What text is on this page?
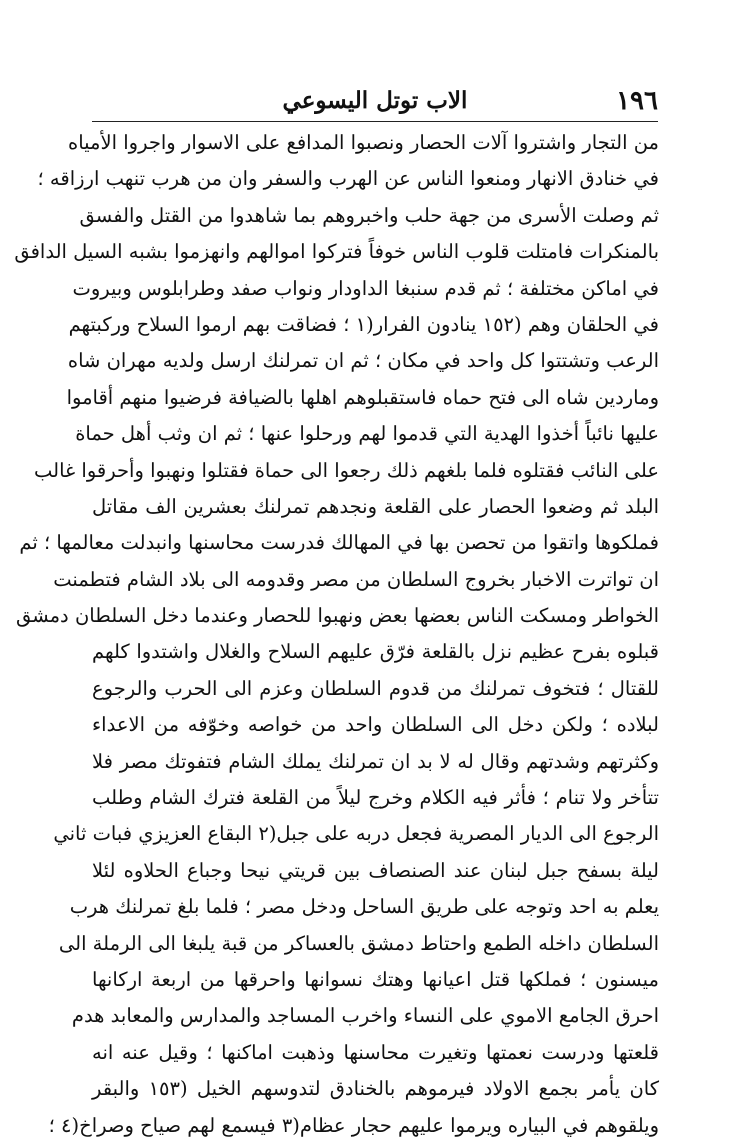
١٩٦
الاب توتل اليسوعي
من التجار واشتروا آلات الحصار ونصبوا المدافع على الاسوار واجروا الأمياه
في خنادق الانهار ومنعوا الناس عن الهرب والسفر وان من هرب تنهب ارزاقه ؛
ثم وصلت الأسرى من جهة حلب واخبروهم بما شاهدوا من القتل والفسق
بالمنكرات فامتلت قلوب الناس خوفاً فتركوا اموالهم وانهزموا بشبه السيل الدافق
في اماكن مختلفة ؛ ثم قدم سنبغا الداودار ونواب صفد وطرابلوس وبيروت
في الحلقان وهم (١٥٢ ينادون الفرار(١ ؛ فضاقت بهم ارموا السلاح وركبتهم
الرعب وتشتتوا كل واحد في مكان ؛ ثم ان تمرلنك ارسل ولديه مهران شاه
وماردين شاه الى فتح حماه فاستقبلوهم اهلها بالضيافة فرضيوا منهم أقاموا
عليها نائباً أخذوا الهدية التي قدموا لهم ورحلوا عنها ؛ ثم ان وثب أهل حماة
على النائب فقتلوه فلما بلغهم ذلك رجعوا الى حماة فقتلوا ونهبوا وأحرقوا غالب
البلد ثم وضعوا الحصار على القلعة ونجدهم تمرلنك بعشرين الف مقاتل
فملكوها واتقوا من تحصن بها في المهالك فدرست محاسنها وانبدلت معالمها ؛ ثم
ان تواترت الاخبار بخروج السلطان من مصر وقدومه الى بلاد الشام فتطمنت
الخواطر ومسكت الناس بعضها بعض ونهبوا للحصار وعندما دخل السلطان دمشق
قبلوه بفرح عظيم نزل بالقلعة فرّق عليهم السلاح والغلال واشتدوا كلهم
للقتال ؛ فتخوف تمرلنك من قدوم السلطان وعزم الى الحرب والرجوع
لبلاده ؛ ولكن دخل الى السلطان واحد من خواصه وخوّفه من الاعداء
وكثرتهم وشدتهم وقال له لا بد ان تمرلنك يملك الشام فتفوتك مصر فلا
تتأخر ولا تنام ؛ فأثر فيه الكلام وخرج ليلاً من القلعة فترك الشام وطلب
الرجوع الى الديار المصرية فجعل دربه على جبل(٢ البقاع العزيزي فبات ثاني
ليلة بسفح جبل لبنان عند الصنصاف بين قريتي نيحا وجباع الحلاوه لئلا
يعلم به احد وتوجه على طريق الساحل ودخل مصر ؛ فلما بلغ تمرلنك هرب
السلطان داخله الطمع واحتاط دمشق بالعساكر من قبة يلبغا الى الرملة الى
ميسنون ؛ فملكها قتل اعيانها وهتك نسوانها واحرقها من اربعة اركانها
احرق الجامع الاموي على النساء واخرب المساجد والمدارس والمعابد هدم
قلعتها ودرست نعمتها وتغيرت محاسنها وذهبت اماكنها ؛ وقيل عنه انه
كان يأمر بجمع الاولاد فيرموهم بالخنادق لتدوسهم الخيل (١٥٣ والبقر
ويلقوهم في البياره ويرموا عليهم حجار عظام(٣ فيسمع لهم صياح وصراخ(٤ ؛
